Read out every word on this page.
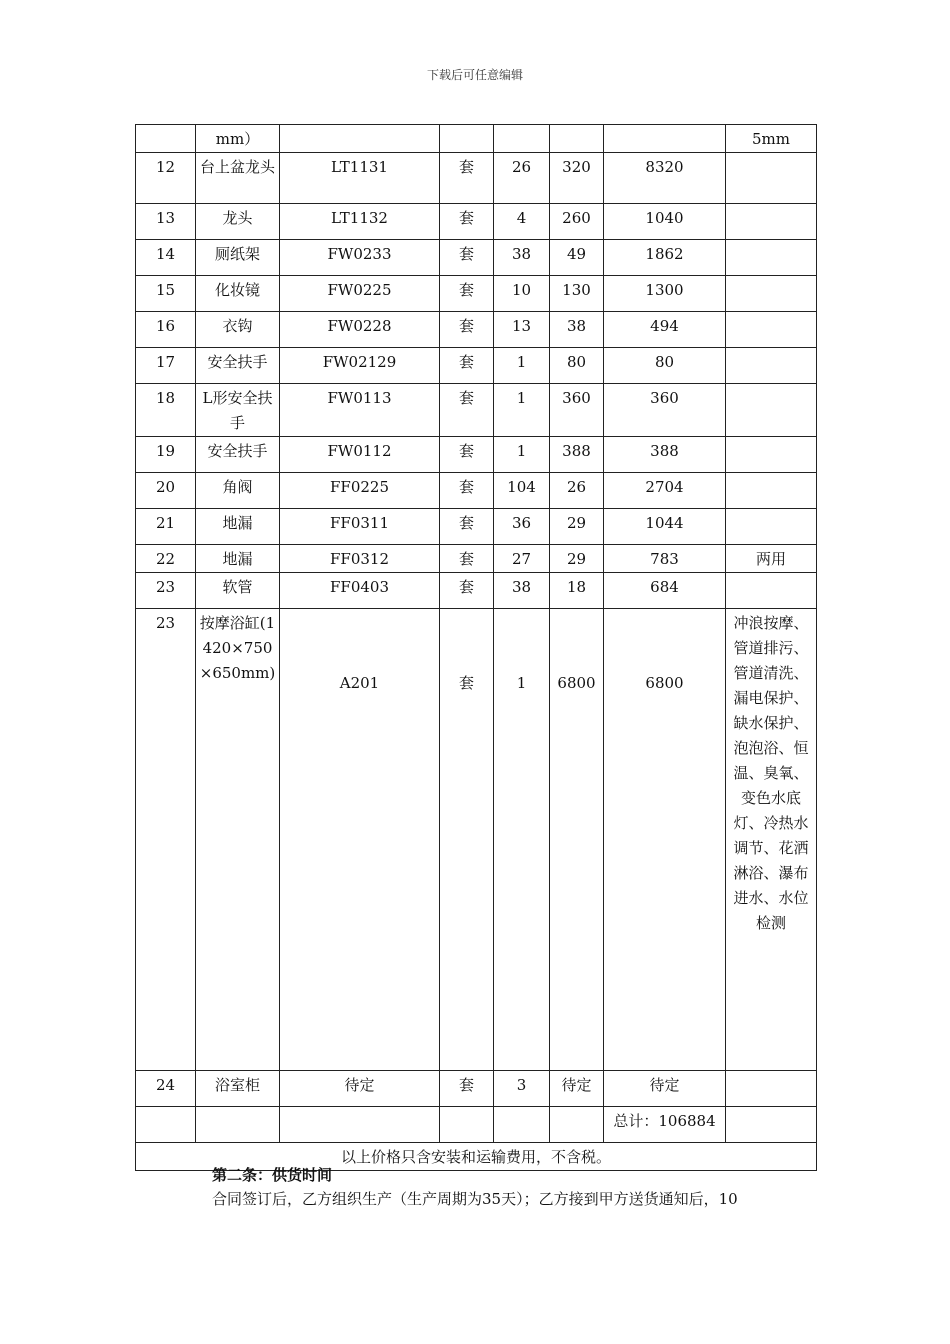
下载后可任意编辑
	mm）						5mm
12	台上盆龙头	LT1131	套	26	320	8320	
13	龙头	LT1132	套	4	260	1040	
14	厕纸架	FW0233	套	38	49	1862	
15	化妆镜	FW0225	套	10	130	1300	
16	衣钩	FW0228	套	13	38	494	
17	安全扶手	FW02129	套	1	80	80	
18	L形安全扶手	FW0113	套	1	360	360	
19	安全扶手	FW0112	套	1	388	388	
20	角阀	FF0225	套	104	26	2704	
21	地漏	FF0311	套	36	29	1044	
22	地漏	FF0312	套	27	29	783	两用
23	软管	FF0403	套	38	18	684	
23	按摩浴缸(1420×750×650mm)	A201	套	1	6800	6800	冲浪按摩、管道排污、管道清洗、漏电保护、缺水保护、泡泡浴、恒温、臭氧、变色水底灯、冷热水调节、花洒淋浴、瀑布进水、水位检测
24	浴室柜	待定	套	3	待定	待定	
						总计：106884	
以上价格只含安装和运输费用，不含税。							
第二条：供货时间
合同签订后，乙方组织生产（生产周期为35天）；乙方接到甲方送货通知后，10
